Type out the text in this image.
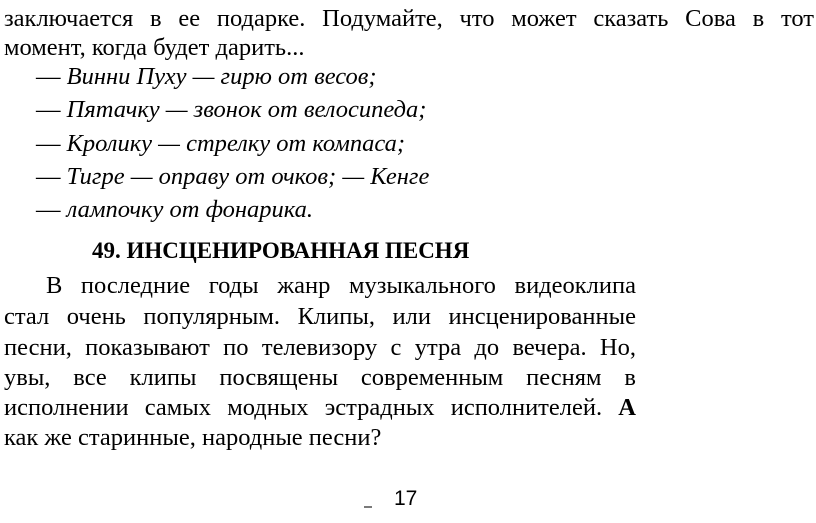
заключается в ее подарке. Подумайте, что может сказать Сова в тот
момент, когда будет дарить...
— Винни Пуху — гирю от весов;
— Пятачку — звонок от велосипеда;
— Кролику — стрелку от компаса;
— Тигре — оправу от очков; — Кенге
— лампочку от фонарика.
49. ИНСЦЕНИРОВАННАЯ ПЕСНЯ
В последние годы жанр музыкального видеоклипа
стал очень популярным. Клипы, или инсценированные
песни, показывают по телевизору с утра до вечера. Но,
увы, все клипы посвящены современным песням в
исполнении самых модных эстрадных исполнителей. А
как же старинные, народные песни?
17
